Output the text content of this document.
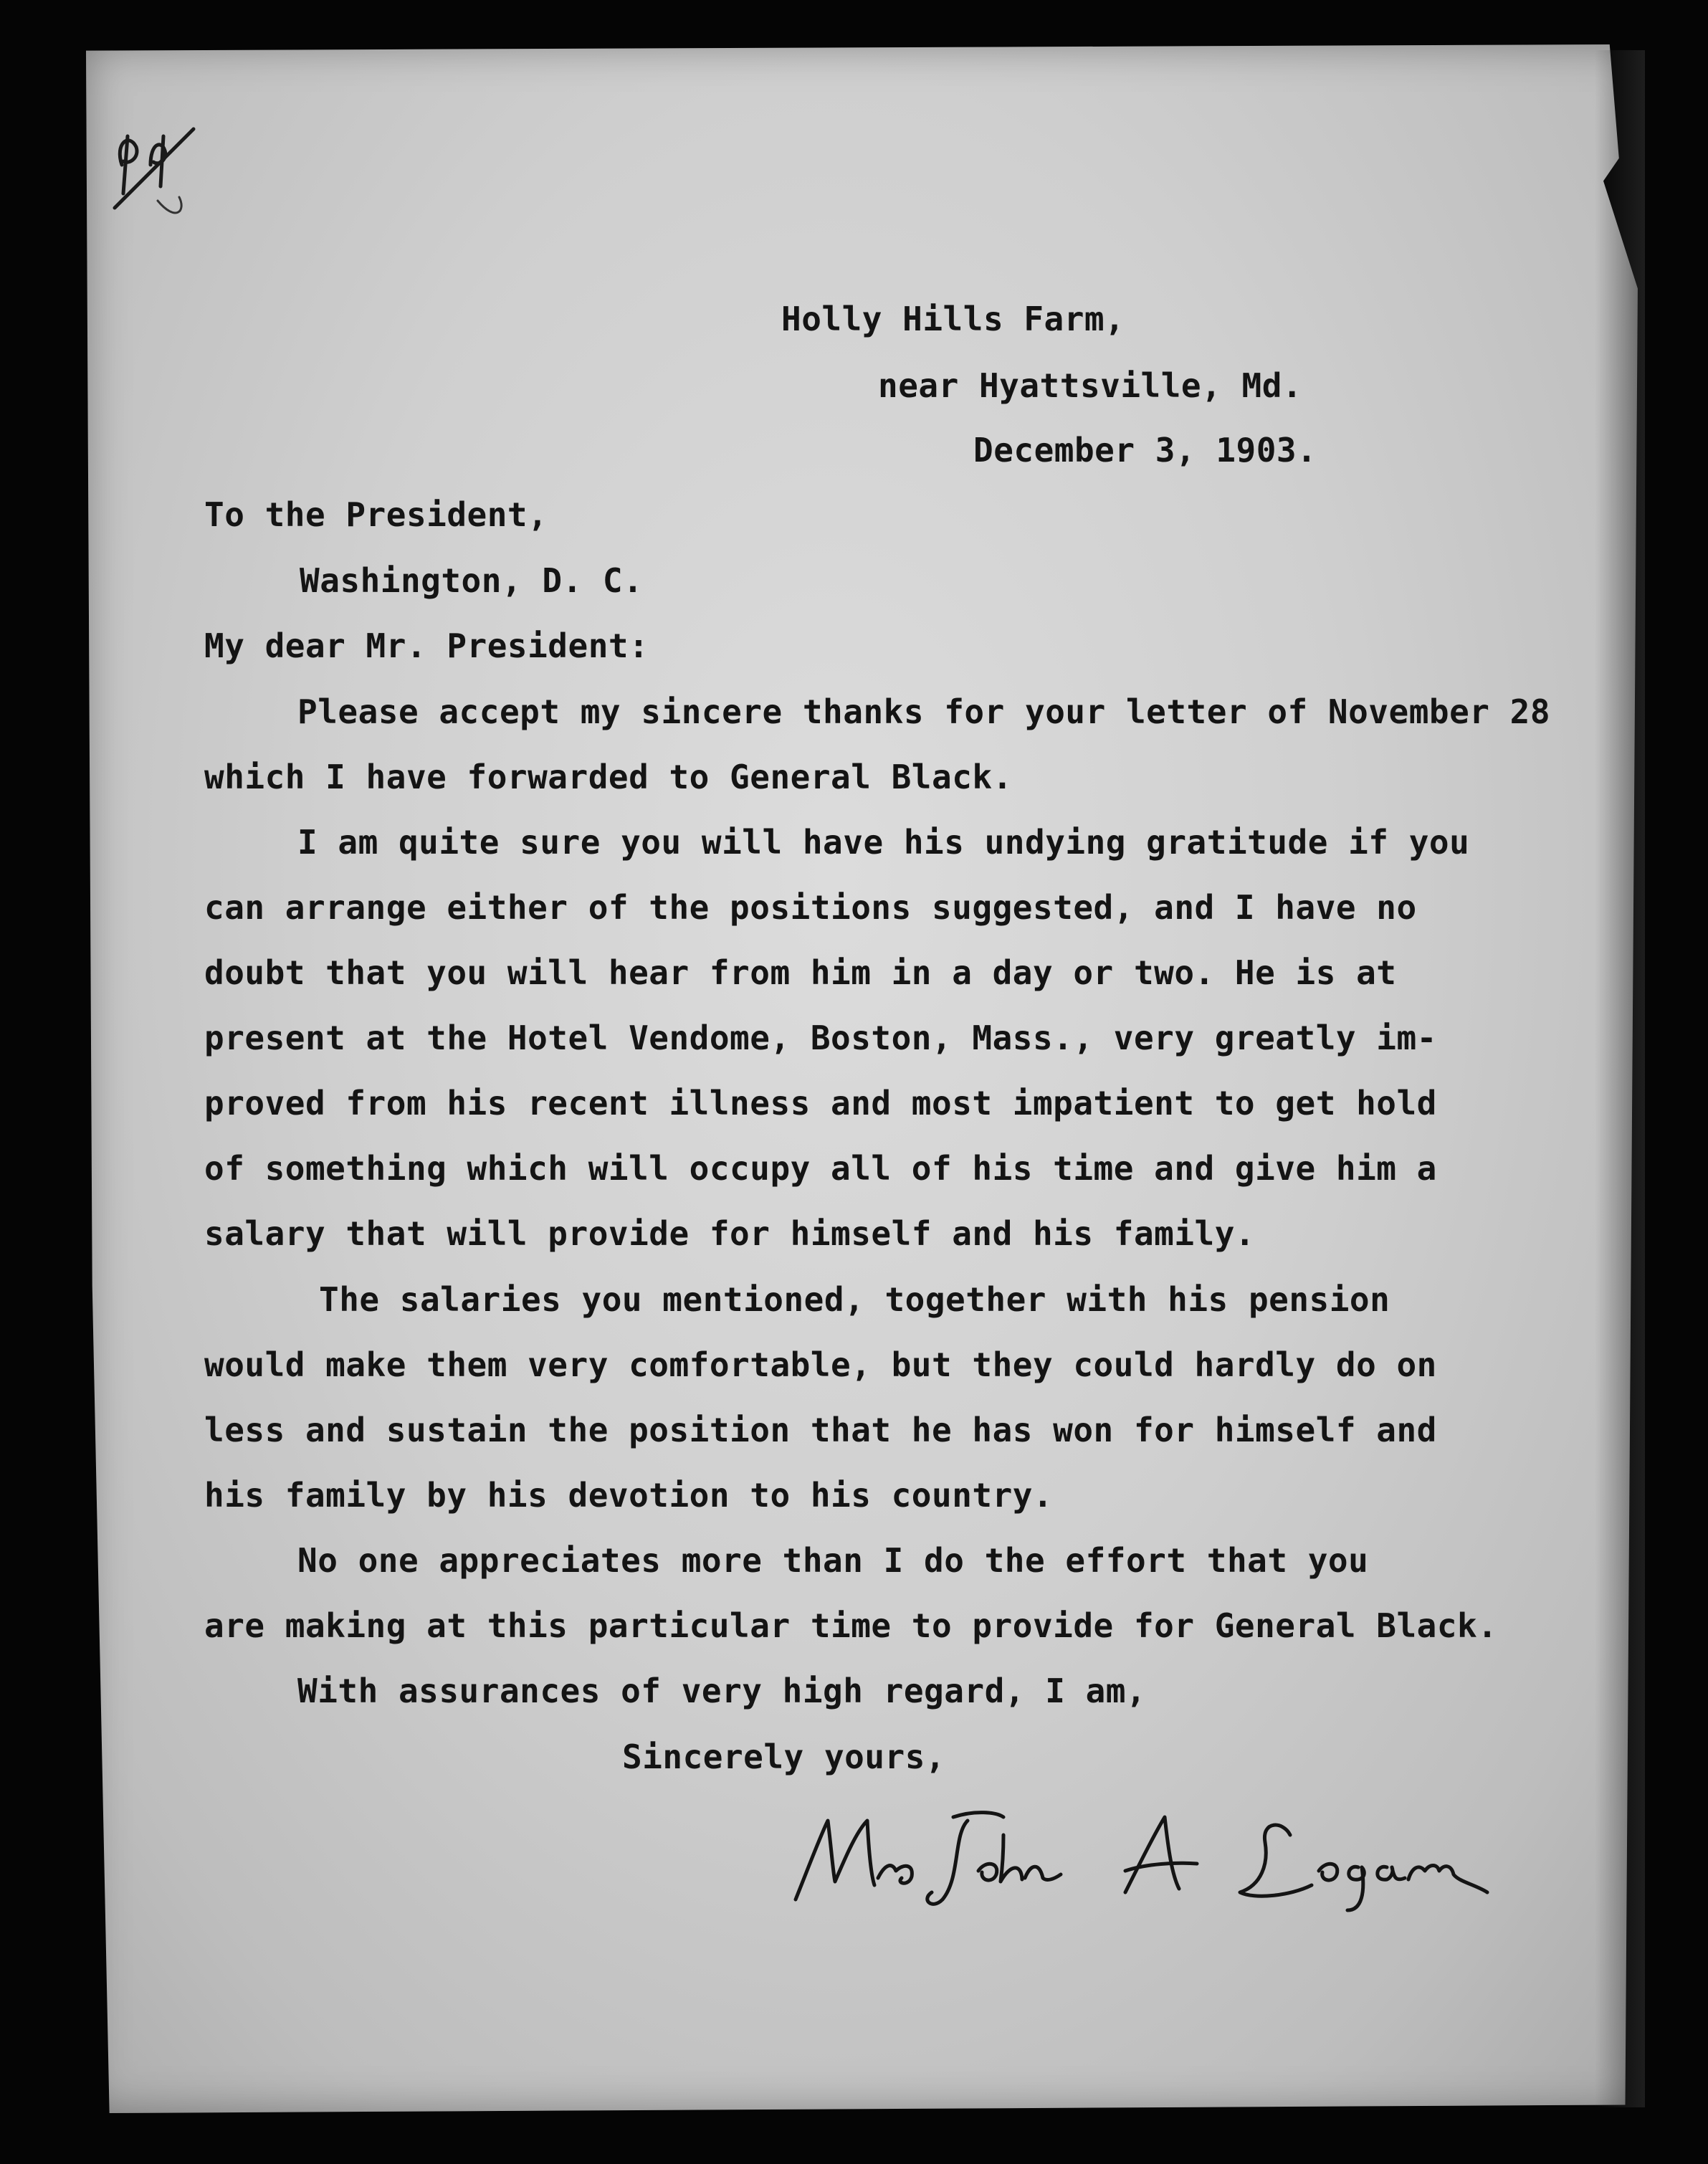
Holly Hills Farm,
near Hyattsville, Md.
December 3, 1903.
To the President,
Washington, D. C.
My dear Mr. President:
Please accept my sincere thanks for your letter of November 28
which I have forwarded to General Black.
I am quite sure you will have his undying gratitude if you
can arrange either of the positions suggested, and I have no
doubt that you will hear from him in a day or two. He is at
present at the Hotel Vendome, Boston, Mass., very greatly im-
proved from his recent illness and most impatient to get hold
of something which will occupy all of his time and give him a
salary that will provide for himself and his family.
The salaries you mentioned, together with his pension
would make them very comfortable, but they could hardly do on
less and sustain the position that he has won for himself and
his family by his devotion to his country.
No one appreciates more than I do the effort that you
are making at this particular time to provide for General Black.
With assurances of very high regard, I am,
Sincerely yours,
